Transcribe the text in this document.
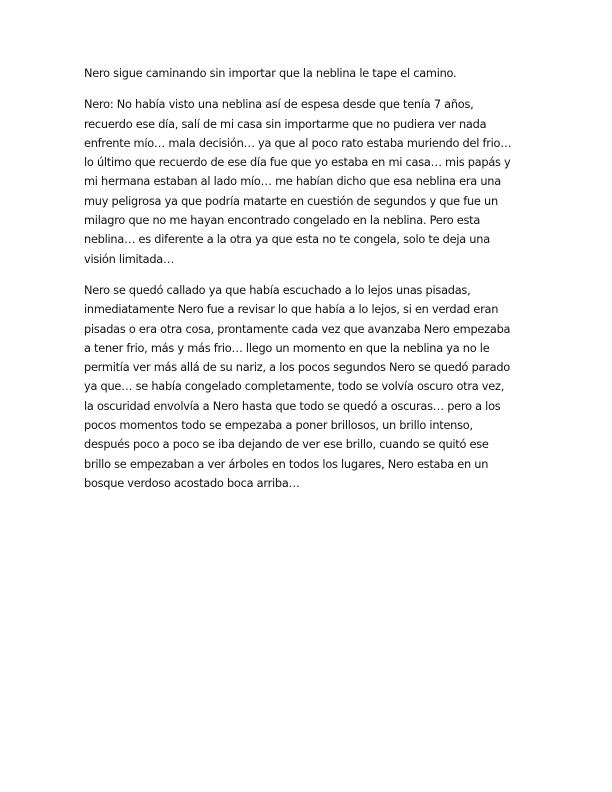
Nero sigue caminando sin importar que la neblina le tape el camino.

Nero: No había visto una neblina así de espesa desde que tenía 7 años,
recuerdo ese día, salí de mi casa sin importarme que no pudiera ver nada
enfrente mío… mala decisión… ya que al poco rato estaba muriendo del frio…
lo último que recuerdo de ese día fue que yo estaba en mi casa… mis papás y
mi hermana estaban al lado mío… me habían dicho que esa neblina era una
muy peligrosa ya que podría matarte en cuestión de segundos y que fue un
milagro que no me hayan encontrado congelado en la neblina. Pero esta
neblina… es diferente a la otra ya que esta no te congela, solo te deja una
visión limitada…

Nero se quedó callado ya que había escuchado a lo lejos unas pisadas,
inmediatamente Nero fue a revisar lo que había a lo lejos, si en verdad eran
pisadas o era otra cosa, prontamente cada vez que avanzaba Nero empezaba
a tener frio, más y más frio… llego un momento en que la neblina ya no le
permitía ver más allá de su nariz, a los pocos segundos Nero se quedó parado
ya que… se había congelado completamente, todo se volvía oscuro otra vez,
la oscuridad envolvía a Nero hasta que todo se quedó a oscuras… pero a los
pocos momentos todo se empezaba a poner brillosos, un brillo intenso,
después poco a poco se iba dejando de ver ese brillo, cuando se quitó ese
brillo se empezaban a ver árboles en todos los lugares, Nero estaba en un
bosque verdoso acostado boca arriba…
